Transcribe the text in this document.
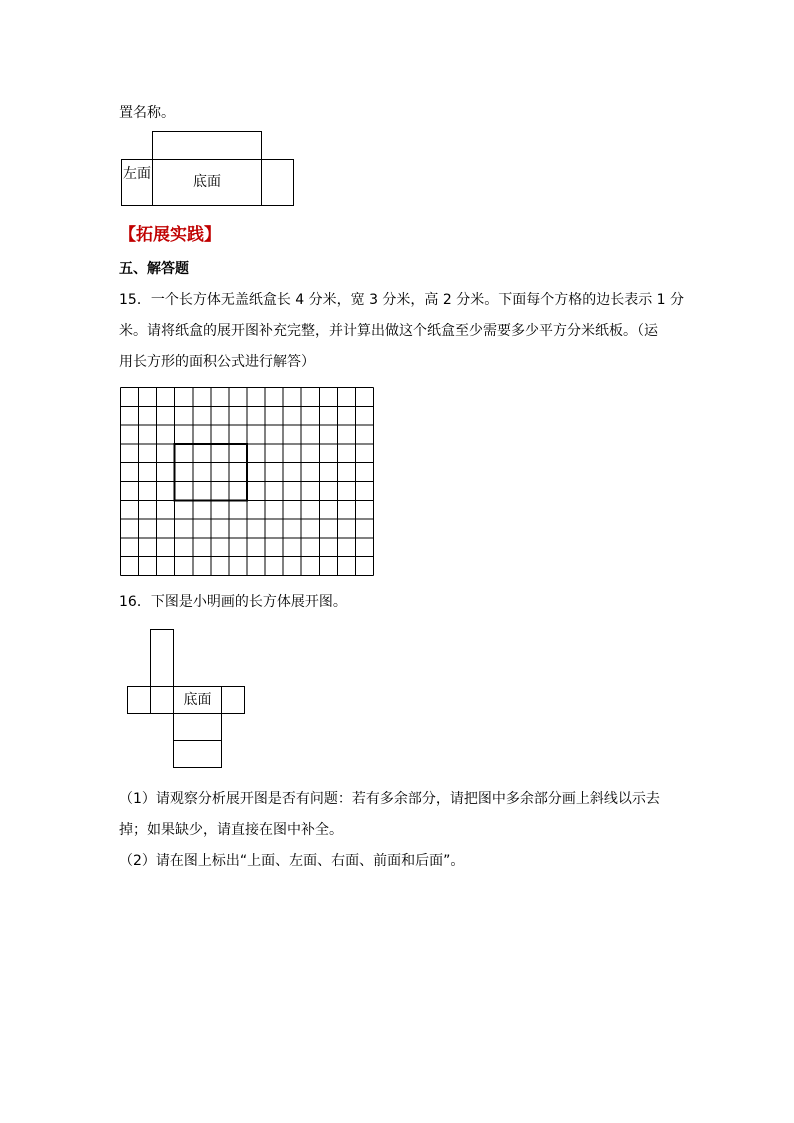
置名称。
左面	底面
【拓展实践】
五、解答题
15．一个长方体无盖纸盒长 4 分米，宽 3 分米，高 2 分米。下面每个方格的边长表示 1 分
米。请将纸盒的展开图补充完整，并计算出做这个纸盒至少需要多少平方分米纸板。（运
用长方形的面积公式进行解答）
16．下图是小明画的长方体展开图。
底面
（1）请观察分析展开图是否有问题：若有多余部分，请把图中多余部分画上斜线以示去
掉；如果缺少，请直接在图中补全。
（2）请在图上标出“上面、左面、右面、前面和后面”。
